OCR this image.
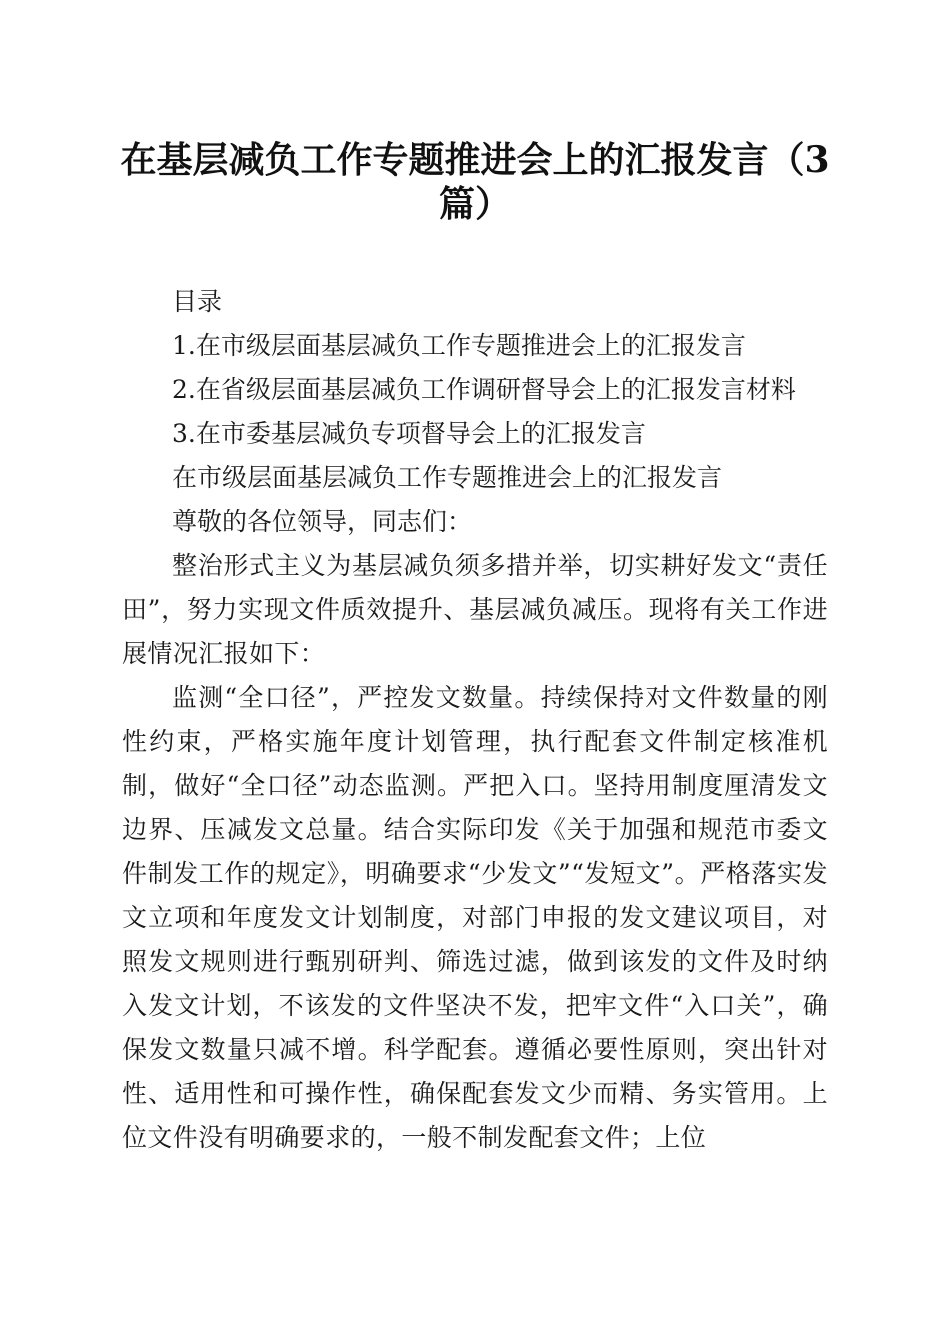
在基层减负工作专题推进会上的汇报发言（3篇）

目录

1.在市级层面基层减负工作专题推进会上的汇报发言

2.在省级层面基层减负工作调研督导会上的汇报发言材料

3.在市委基层减负专项督导会上的汇报发言

在市级层面基层减负工作专题推进会上的汇报发言

尊敬的各位领导，同志们：

整治形式主义为基层减负须多措并举，切实耕好发文“责任田”，努力实现文件质效提升、基层减负减压。现将有关工作进展情况汇报如下：

监测“全口径”，严控发文数量。持续保持对文件数量的刚性约束，严格实施年度计划管理，执行配套文件制定核准机制，做好“全口径”动态监测。严把入口。坚持用制度厘清发文边界、压减发文总量。结合实际印发《关于加强和规范市委文件制发工作的规定》，明确要求“少发文”“发短文”。严格落实发文立项和年度发文计划制度，对部门申报的发文建议项目，对照发文规则进行甄别研判、筛选过滤，做到该发的文件及时纳入发文计划，不该发的文件坚决不发，把牢文件“入口关”，确保发文数量只减不增。科学配套。遵循必要性原则，突出针对性、适用性和可操作性，确保配套发文少而精、务实管用。上位文件没有明确要求的，一般不制发配套文件；上位
